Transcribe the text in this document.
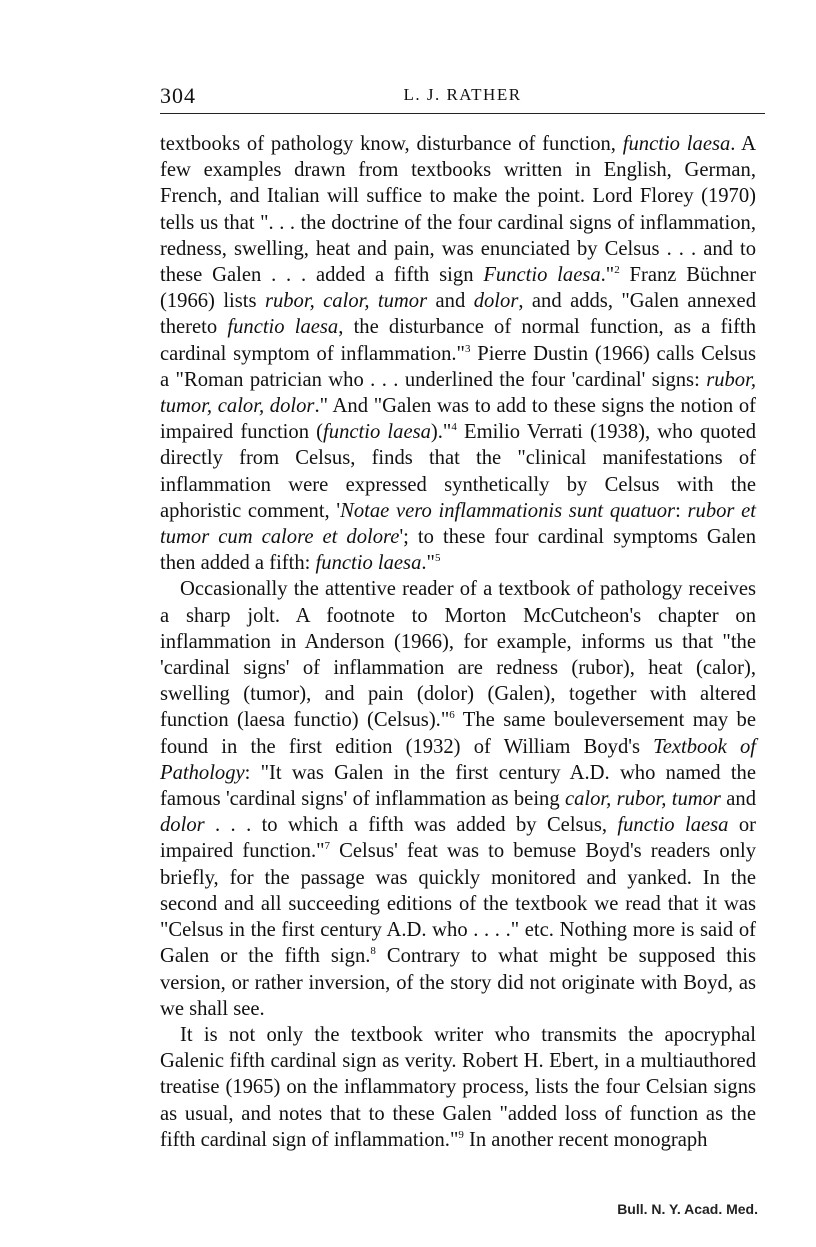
304	L. J. RATHER

textbooks of pathology know, disturbance of function, functio laesa. A few examples drawn from textbooks written in English, German, French, and Italian will suffice to make the point. Lord Florey (1970) tells us that ". . . the doctrine of the four cardinal signs of inflammation, redness, swelling, heat and pain, was enunciated by Celsus . . . and to these Galen . . . added a fifth sign Functio laesa."$^2$ Franz Büchner (1966) lists rubor, calor, tumor and dolor, and adds, "Galen annexed thereto functio laesa, the disturbance of normal function, as a fifth cardinal symptom of inflammation."$^3$ Pierre Dustin (1966) calls Celsus a "Roman patrician who . . . underlined the four 'cardinal' signs: rubor, tumor, calor, dolor." And "Galen was to add to these signs the notion of impaired function (functio laesa)."$^4$ Emilio Verrati (1938), who quoted directly from Celsus, finds that the "clinical manifestations of inflammation were expressed synthetically by Celsus with the aphoristic comment, 'Notae vero inflammationis sunt quatuor: rubor et tumor cum calore et dolore'; to these four cardinal symptoms Galen then added a fifth: functio laesa."$^5$

Occasionally the attentive reader of a textbook of pathology receives a sharp jolt. A footnote to Morton McCutcheon's chapter on inflammation in Anderson (1966), for example, informs us that "the 'cardinal signs' of inflammation are redness (rubor), heat (calor), swelling (tumor), and pain (dolor) (Galen), together with altered function (laesa functio) (Celsus)."$^6$ The same bouleversement may be found in the first edition (1932) of William Boyd's Textbook of Pathology: "It was Galen in the first century A.D. who named the famous 'cardinal signs' of inflammation as being calor, rubor, tumor and dolor . . . to which a fifth was added by Celsus, functio laesa or impaired function."$^7$ Celsus' feat was to bemuse Boyd's readers only briefly, for the passage was quickly monitored and yanked. In the second and all succeeding editions of the textbook we read that it was "Celsus in the first century A.D. who . . . ." etc. Nothing more is said of Galen or the fifth sign.$^8$ Contrary to what might be supposed this version, or rather inversion, of the story did not originate with Boyd, as we shall see.

It is not only the textbook writer who transmits the apocryphal Galenic fifth cardinal sign as verity. Robert H. Ebert, in a multiauthored treatise (1965) on the inflammatory process, lists the four Celsian signs as usual, and notes that to these Galen "added loss of function as the fifth cardinal sign of inflammation."$^9$ In another recent monograph

Bull. N. Y. Acad. Med.
